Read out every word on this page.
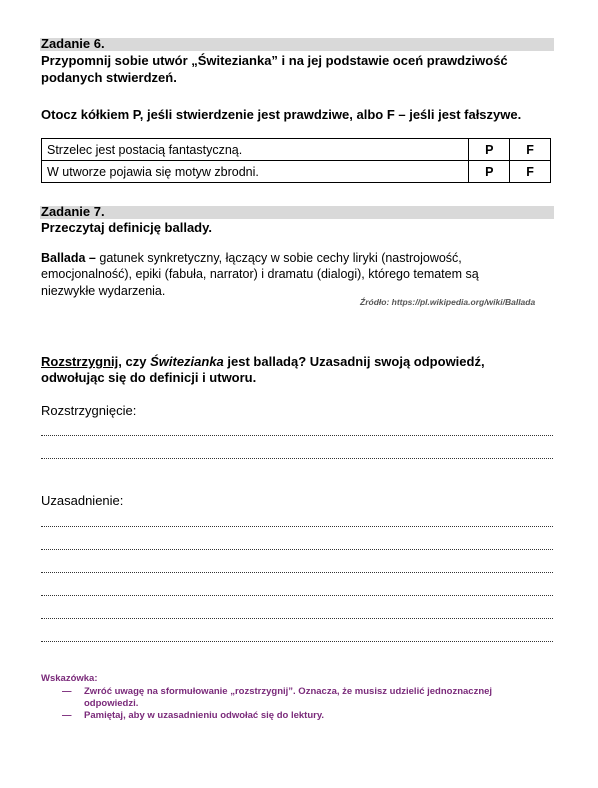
Zadanie 6.
Przypomnij sobie utwór „Świtezianka” i na jej podstawie oceń prawdziwość
podanych stwierdzeń.
Otocz kółkiem P, jeśli stwierdzenie jest prawdziwe, albo F – jeśli jest fałszywe.
Strzelec jest postacią fantastyczną.	P	F
W utworze pojawia się motyw zbrodni.	P	F
Zadanie 7.
Przeczytaj definicję ballady.
Ballada – gatunek synkretyczny, łączący w sobie cechy liryki (nastrojowość,
emocjonalność), epiki (fabuła, narrator) i dramatu (dialogi), którego tematem są
niezwykłe wydarzenia.
Źródło: https://pl.wikipedia.org/wiki/Ballada
Rozstrzygnij, czy Świtezianka jest balladą? Uzasadnij swoją odpowiedź,
odwołując się do definicji i utworu.
Rozstrzygnięcie:
Uzasadnienie:
Wskazówka:
— Zwróć uwagę na sformułowanie „rozstrzygnij”. Oznacza, że musisz udzielić jednoznacznej
odpowiedzi.
— Pamiętaj, aby w uzasadnieniu odwołać się do lektury.
